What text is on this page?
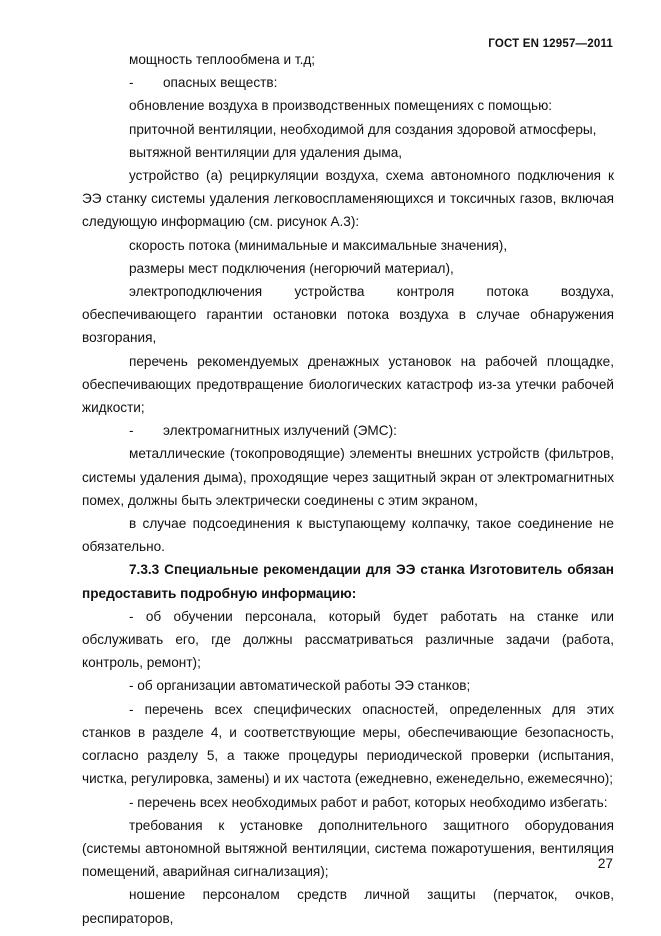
ГОСТ EN 12957—2011

мощность теплообмена и т.д;

-	опасных веществ:

обновление воздуха в производственных помещениях с помощью:

приточной вентиляции, необходимой для создания здоровой атмосферы,

вытяжной вентиляции для удаления дыма,

устройство (а) рециркуляции воздуха, схема автономного подключения к ЭЭ станку системы удаления легковоспламеняющихся и токсичных газов, включая следующую информацию (см. рисунок А.3):

скорость потока (минимальные и максимальные значения),

размеры мест подключения (негорючий материал),

электроподключения устройства контроля потока воздуха, обеспечивающего гарантии остановки потока воздуха в случае обнаружения возгорания,

перечень рекомендуемых дренажных установок на рабочей площадке, обеспечивающих предотвращение биологических катастроф из-за утечки рабочей жидкости;

-	электромагнитных излучений (ЭМС):

металлические (токопроводящие) элементы внешних устройств (фильтров, системы удаления дыма), проходящие через защитный экран от электромагнитных помех, должны быть электрически соединены с этим экраном,

в случае подсоединения к выступающему колпачку, такое соединение не обязательно.

7.3.3 Специальные рекомендации для ЭЭ станка Изготовитель обязан предоставить подробную информацию:

- об обучении персонала, который будет работать на станке или обслуживать его, где должны рассматриваться различные задачи (работа, контроль, ремонт);

- об организации автоматической работы ЭЭ станков;

- перечень всех специфических опасностей, определенных для этих станков в разделе 4, и соответствующие меры, обеспечивающие безопасность, согласно разделу 5, а также процедуры периодической проверки (испытания, чистка, регулировка, замены) и их частота (ежедневно, еженедельно, ежемесячно);

- перечень всех необходимых работ и работ, которых необходимо избегать:

требования к установке дополнительного защитного оборудования (системы автономной вытяжной вентиляции, система пожаротушения, вентиляция помещений, аварийная сигнализация);

ношение персоналом средств личной защиты (перчаток, очков, респираторов,

27
